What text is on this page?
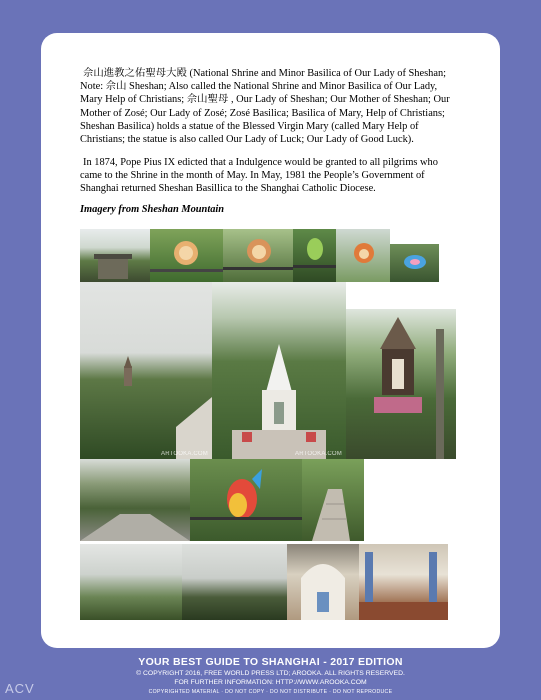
佘山進教之佑聖母大殿 (National Shrine and Minor Basilica of Our Lady of Sheshan; Note: 佘山 Sheshan; Also called the National Shrine and Minor Basilica of Our Lady, Mary Help of Christians; 佘山聖母 , Our Lady of Sheshan; Our Mother of Sheshan; Our Mother of Zosé; Our Lady of Zosé; Zosé Basilica; Basilica of Mary, Help of Christians; Sheshan Basilica) holds a statue of the Blessed Virgin Mary (called Mary Help of Christians; the statue is also called Our Lady of Luck; Our Lady of Good Luck).

In 1874, Pope Pius IX edicted that a Indulgence would be granted to all pilgrims who came to the Shrine in the month of May. In May, 1981 the People’s Government of Shanghai returned Sheshan Basillica to the Shanghai Catholic Diocese.

Imagery from Sheshan Mountain
ARTOOKA.COM	ARTOOKA.COM
YOUR BEST GUIDE TO SHANGHAI - 2017 EDITION
© COPYRIGHT 2016, FREE WORLD PRESS LTD; AROOKA. ALL RIGHTS RESERVED.
FOR FURTHER INFORMATION: HTTP://WWW.AROOKA.COM
COPYRIGHTED MATERIAL · DO NOT COPY · DO NOT DISTRIBUTE · DO NOT REPRODUCE
ACV
